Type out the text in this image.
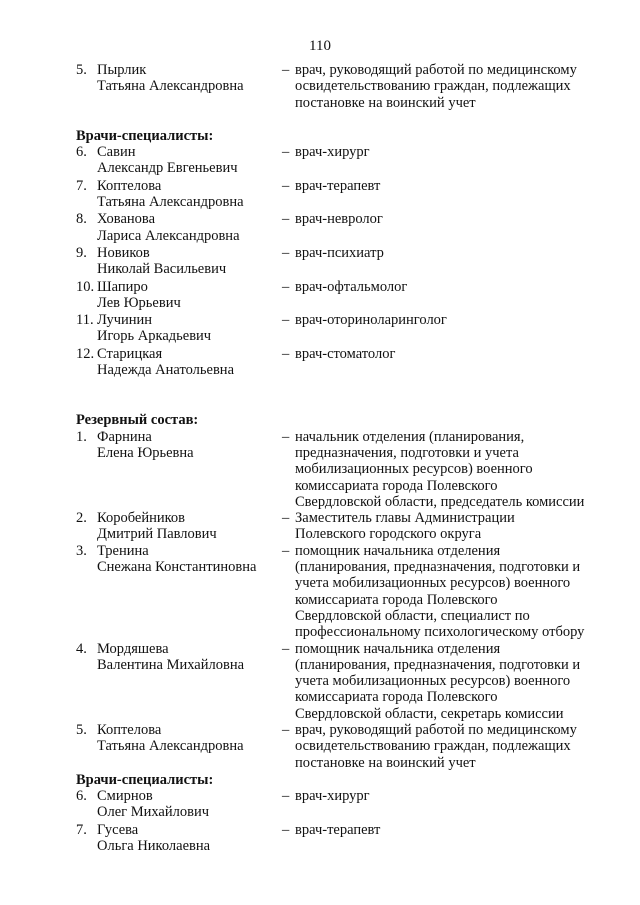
110
5. Пырлик
Татьяна Александровна
– врач, руководящий работой по медицинскому
освидетельствованию граждан, подлежащих
постановке на воинский учет
Врачи-специалисты:
6. Савин
Александр Евгеньевич
– врач-хирург
7. Коптелова
Татьяна Александровна
– врач-терапевт
8. Хованова
Лариса Александровна
– врач-невролог
9. Новиков
Николай Васильевич
– врач-психиатр
10. Шапиро
Лев Юрьевич
– врач-офтальмолог
11. Лучинин
Игорь Аркадьевич
– врач-оториноларинголог
12. Старицкая
Надежда Анатольевна
– врач-стоматолог
Резервный состав:
1. Фарнина
Елена Юрьевна
– начальник отделения (планирования,
предназначения, подготовки и учета
мобилизационных ресурсов) военного
комиссариата города Полевского
Свердловской области, председатель комиссии
2. Коробейников
Дмитрий Павлович
– Заместитель главы Администрации
Полевского городского округа
3. Тренина
Снежана Константиновна
– помощник начальника отделения
(планирования, предназначения, подготовки и
учета мобилизационных ресурсов) военного
комиссариата города Полевского
Свердловской области, специалист по
профессиональному психологическому отбору
4. Мордяшева
Валентина Михайловна
– помощник начальника отделения
(планирования, предназначения, подготовки и
учета мобилизационных ресурсов) военного
комиссариата города Полевского
Свердловской области, секретарь комиссии
5. Коптелова
Татьяна Александровна
– врач, руководящий работой по медицинскому
освидетельствованию граждан, подлежащих
постановке на воинский учет
Врачи-специалисты:
6. Смирнов
Олег Михайлович
– врач-хирург
7. Гусева
Ольга Николаевна
– врач-терапевт
